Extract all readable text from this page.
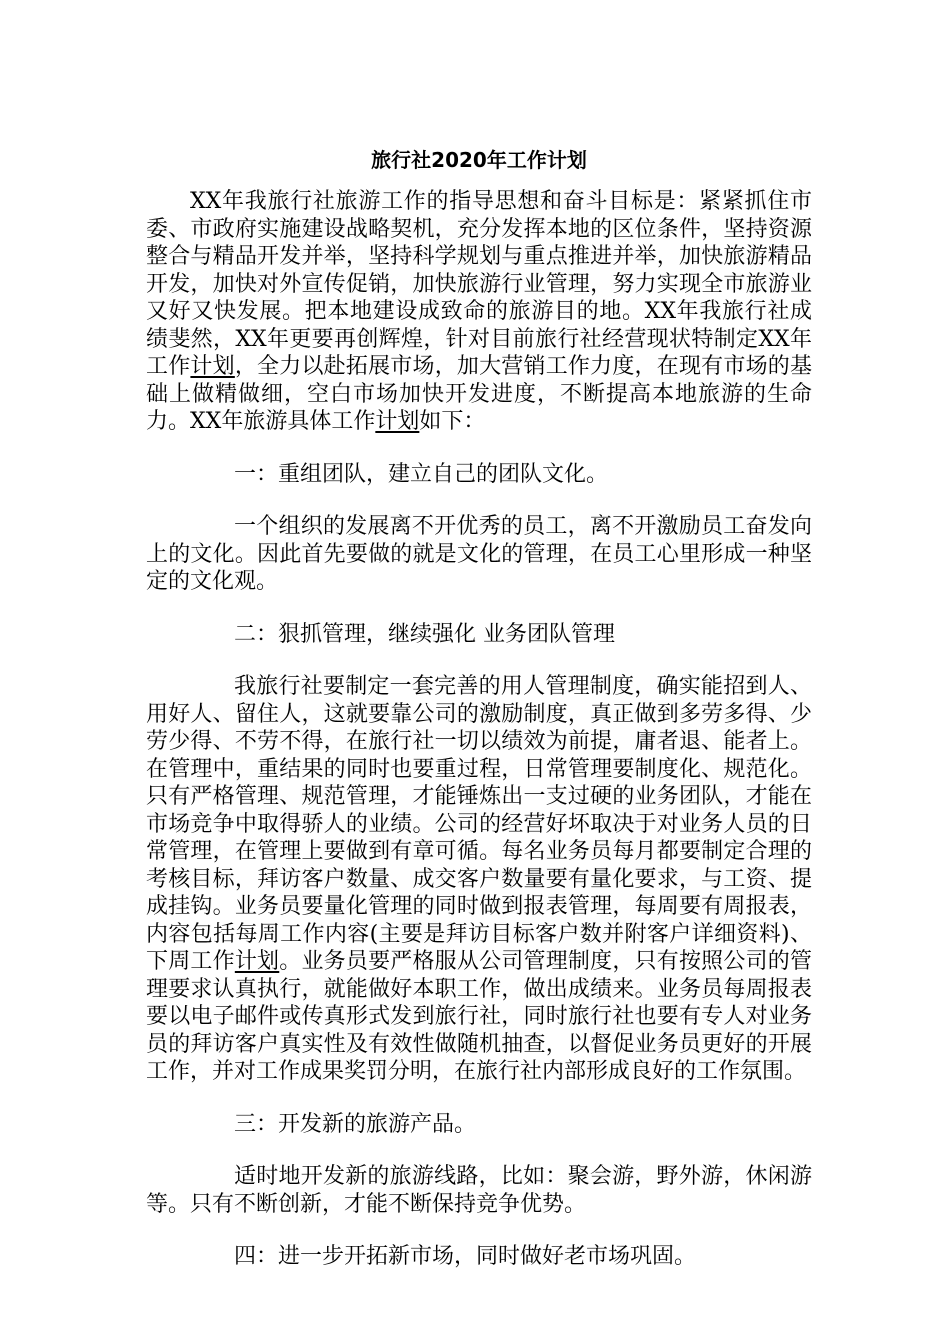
旅行社2020年工作计划

XX年我旅行社旅游工作的指导思想和奋斗目标是：紧紧抓住市委、市政府实施建设战略契机，充分发挥本地的区位条件，坚持资源整合与精品开发并举，坚持科学规划与重点推进并举，加快旅游精品开发，加快对外宣传促销，加快旅游行业管理，努力实现全市旅游业又好又快发展。把本地建设成致命的旅游目的地。XX年我旅行社成绩斐然，XX年更要再创辉煌，针对目前旅行社经营现状特制定XX年工作计划，全力以赴拓展市场，加大营销工作力度，在现有市场的基础上做精做细，空白市场加快开发进度，不断提高本地旅游的生命力。XX年旅游具体工作计划如下：

一：重组团队，建立自己的团队文化。

一个组织的发展离不开优秀的员工，离不开激励员工奋发向上的文化。因此首先要做的就是文化的管理，在员工心里形成一种坚定的文化观。

二：狠抓管理，继续强化 业务团队管理

我旅行社要制定一套完善的用人管理制度，确实能招到人、用好人、留住人，这就要靠公司的激励制度，真正做到多劳多得、少劳少得、不劳不得，在旅行社一切以绩效为前提，庸者退、能者上。在管理中，重结果的同时也要重过程，日常管理要制度化、规范化。只有严格管理、规范管理，才能锤炼出一支过硬的业务团队，才能在市场竞争中取得骄人的业绩。公司的经营好坏取决于对业务人员的日常管理，在管理上要做到有章可循。每名业务员每月都要制定合理的考核目标，拜访客户数量、成交客户数量要有量化要求，与工资、提成挂钩。业务员要量化管理的同时做到报表管理，每周要有周报表，内容包括每周工作内容(主要是拜访目标客户数并附客户详细资料)、下周工作计划。业务员要严格服从公司管理制度，只有按照公司的管理要求认真执行，就能做好本职工作，做出成绩来。业务员每周报表要以电子邮件或传真形式发到旅行社，同时旅行社也要有专人对业务员的拜访客户真实性及有效性做随机抽查，以督促业务员更好的开展工作，并对工作成果奖罚分明，在旅行社内部形成良好的工作氛围。

三：开发新的旅游产品。

适时地开发新的旅游线路，比如：聚会游，野外游，休闲游等。只有不断创新，才能不断保持竞争优势。

四：进一步开拓新市场，同时做好老市场巩固。
